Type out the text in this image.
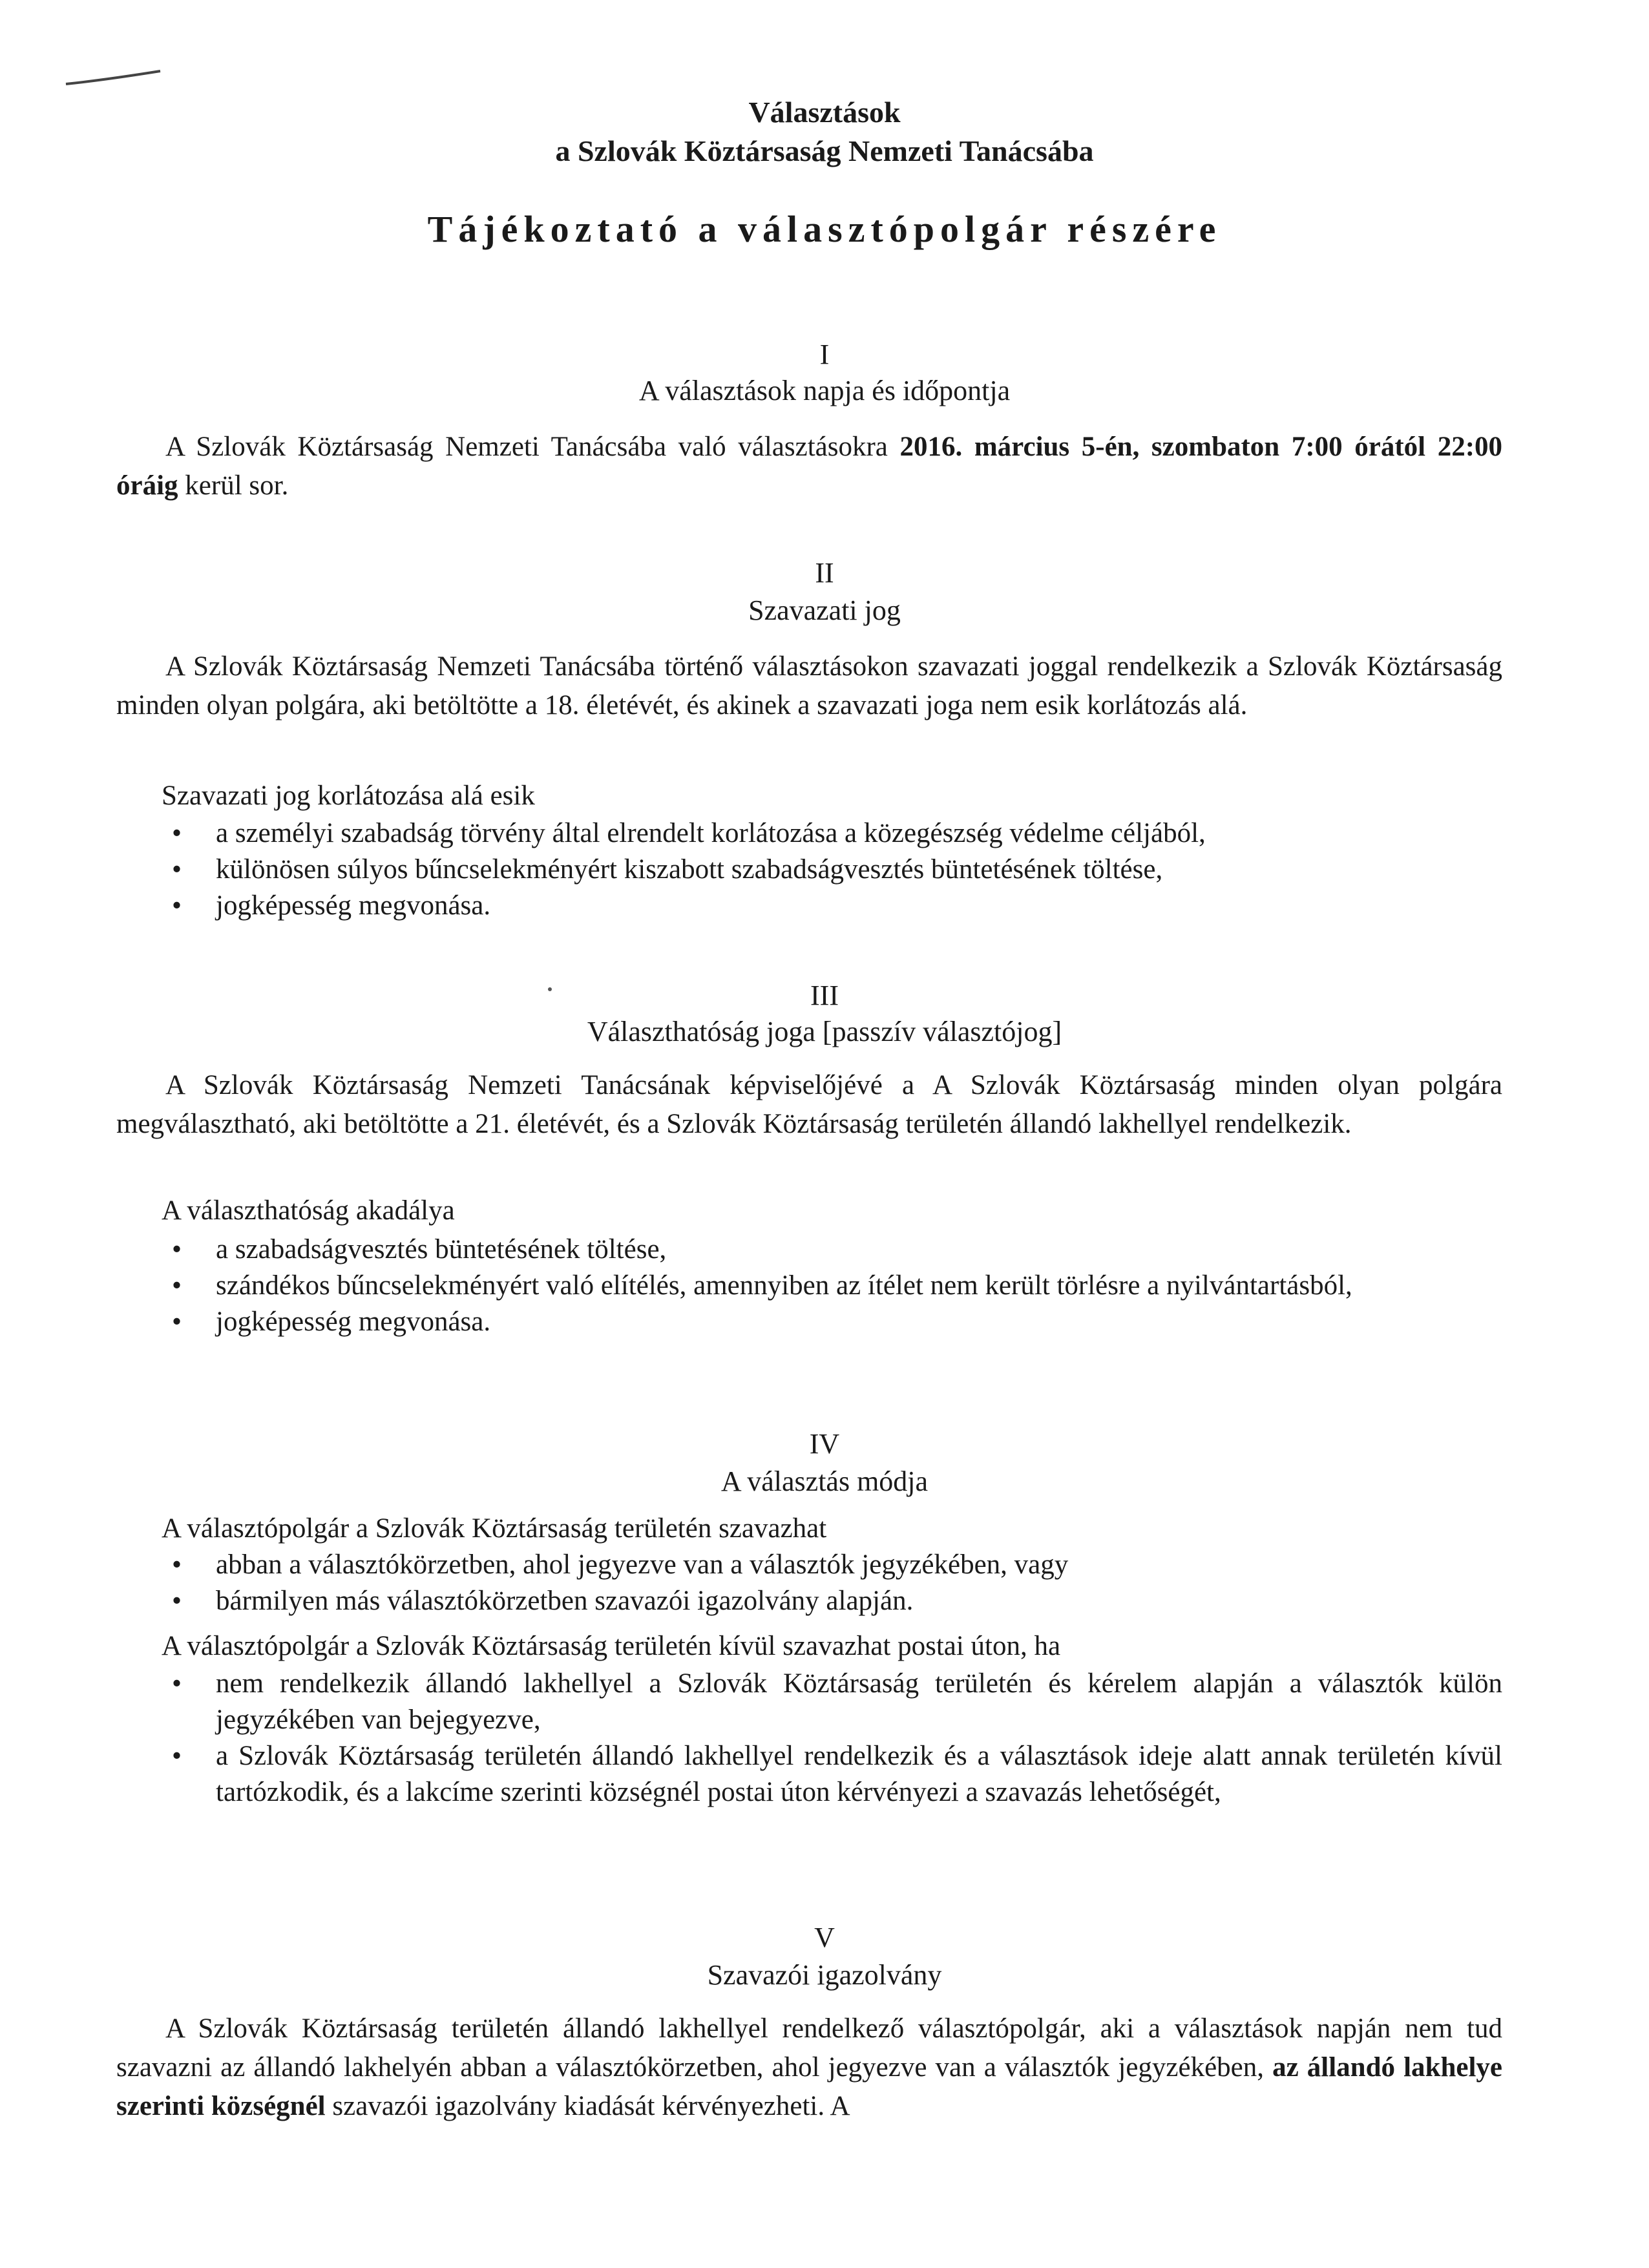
Választások
a Szlovák Köztársaság Nemzeti Tanácsába
Tájékoztató a választópolgár részére
I
A választások napja és időpontja

A Szlovák Köztársaság Nemzeti Tanácsába való választásokra 2016. március 5-én, szombaton 7:00 órától 22:00 óráig kerül sor.

II
Szavazati jog

A Szlovák Köztársaság Nemzeti Tanácsába történő választásokon szavazati joggal rendelkezik a Szlovák Köztársaság minden olyan polgára, aki betöltötte a 18. életévét, és akinek a szavazati joga nem esik korlátozás alá.

Szavazati jog korlátozása alá esik

• a személyi szabadság törvény által elrendelt korlátozása a közegészség védelme céljából,
• különösen súlyos bűncselekményért kiszabott szabadságvesztés büntetésének töltése,
• jogképesség megvonása.
III
Választhatóság joga [passzív választójog]

A Szlovák Köztársaság Nemzeti Tanácsának képviselőjévé a A Szlovák Köztársaság minden olyan polgára megválasztható, aki betöltötte a 21. életévét, és a Szlovák Köztársaság területén állandó lakhellyel rendelkezik.

A választhatóság akadálya

• a szabadságvesztés büntetésének töltése,
• szándékos bűncselekményért való elítélés, amennyiben az ítélet nem került törlésre a nyilvántartásból,
• jogképesség megvonása.
IV
A választás módja

A választópolgár a Szlovák Köztársaság területén szavazhat

• abban a választókörzetben, ahol jegyezve van a választók jegyzékében, vagy
• bármilyen más választókörzetben szavazói igazolvány alapján.

A választópolgár a Szlovák Köztársaság területén kívül szavazhat postai úton, ha

• nem rendelkezik állandó lakhellyel a Szlovák Köztársaság területén és kérelem alapján a választók külön jegyzékében van bejegyezve,
• a Szlovák Köztársaság területén állandó lakhellyel rendelkezik és a választások ideje alatt annak területén kívül tartózkodik, és a lakcíme szerinti községnél postai úton kérvényezi a szavazás lehetőségét,
V
Szavazói igazolvány

A Szlovák Köztársaság területén állandó lakhellyel rendelkező választópolgár, aki a választások napján nem tud szavazni az állandó lakhelyén abban a választókörzetben, ahol jegyezve van a választók jegyzékében, az állandó lakhelye szerinti községnél szavazói igazolvány kiadását kérvényezheti. A
